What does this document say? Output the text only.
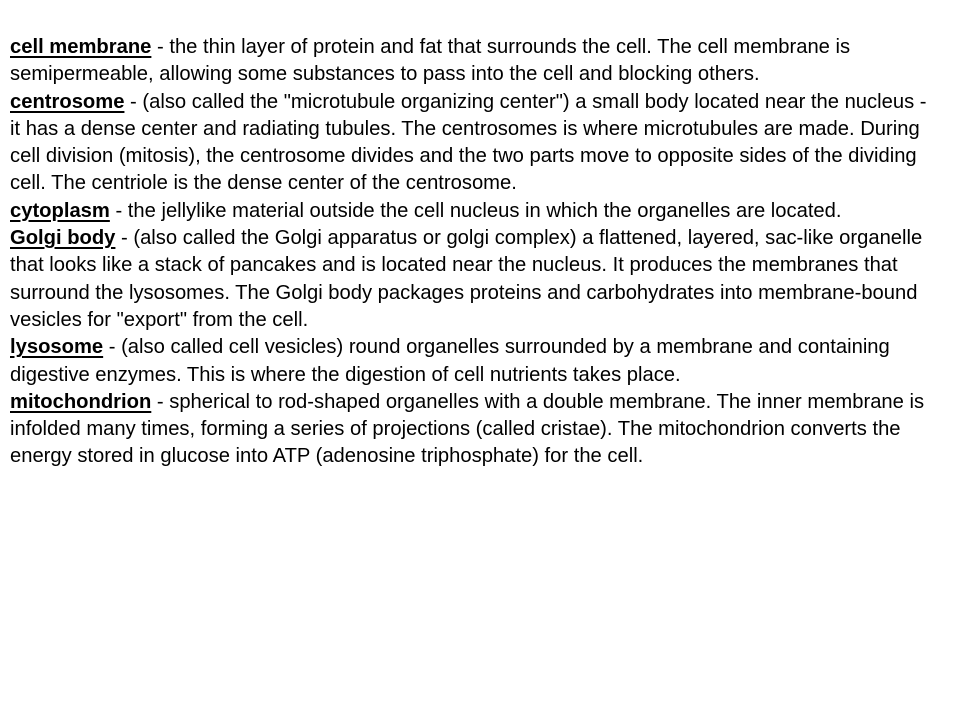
cell membrane - the thin layer of protein and fat that surrounds the cell. The cell membrane is semipermeable, allowing some substances to pass into the cell and blocking others.

centrosome - (also called the "microtubule organizing center") a small body located near the nucleus - it has a dense center and radiating tubules. The centrosomes is where microtubules are made. During cell division (mitosis), the centrosome divides and the two parts move to opposite sides of the dividing cell. The centriole is the dense center of the centrosome.

cytoplasm - the jellylike material outside the cell nucleus in which the organelles are located.

Golgi body - (also called the Golgi apparatus or golgi complex) a flattened, layered, sac-like organelle that looks like a stack of pancakes and is located near the nucleus. It produces the membranes that surround the lysosomes. The Golgi body packages proteins and carbohydrates into membrane-bound vesicles for "export" from the cell.

lysosome - (also called cell vesicles) round organelles surrounded by a membrane and containing digestive enzymes. This is where the digestion of cell nutrients takes place.

mitochondrion - spherical to rod-shaped organelles with a double membrane. The inner membrane is infolded many times, forming a series of projections (called cristae). The mitochondrion converts the energy stored in glucose into ATP (adenosine triphosphate) for the cell.
